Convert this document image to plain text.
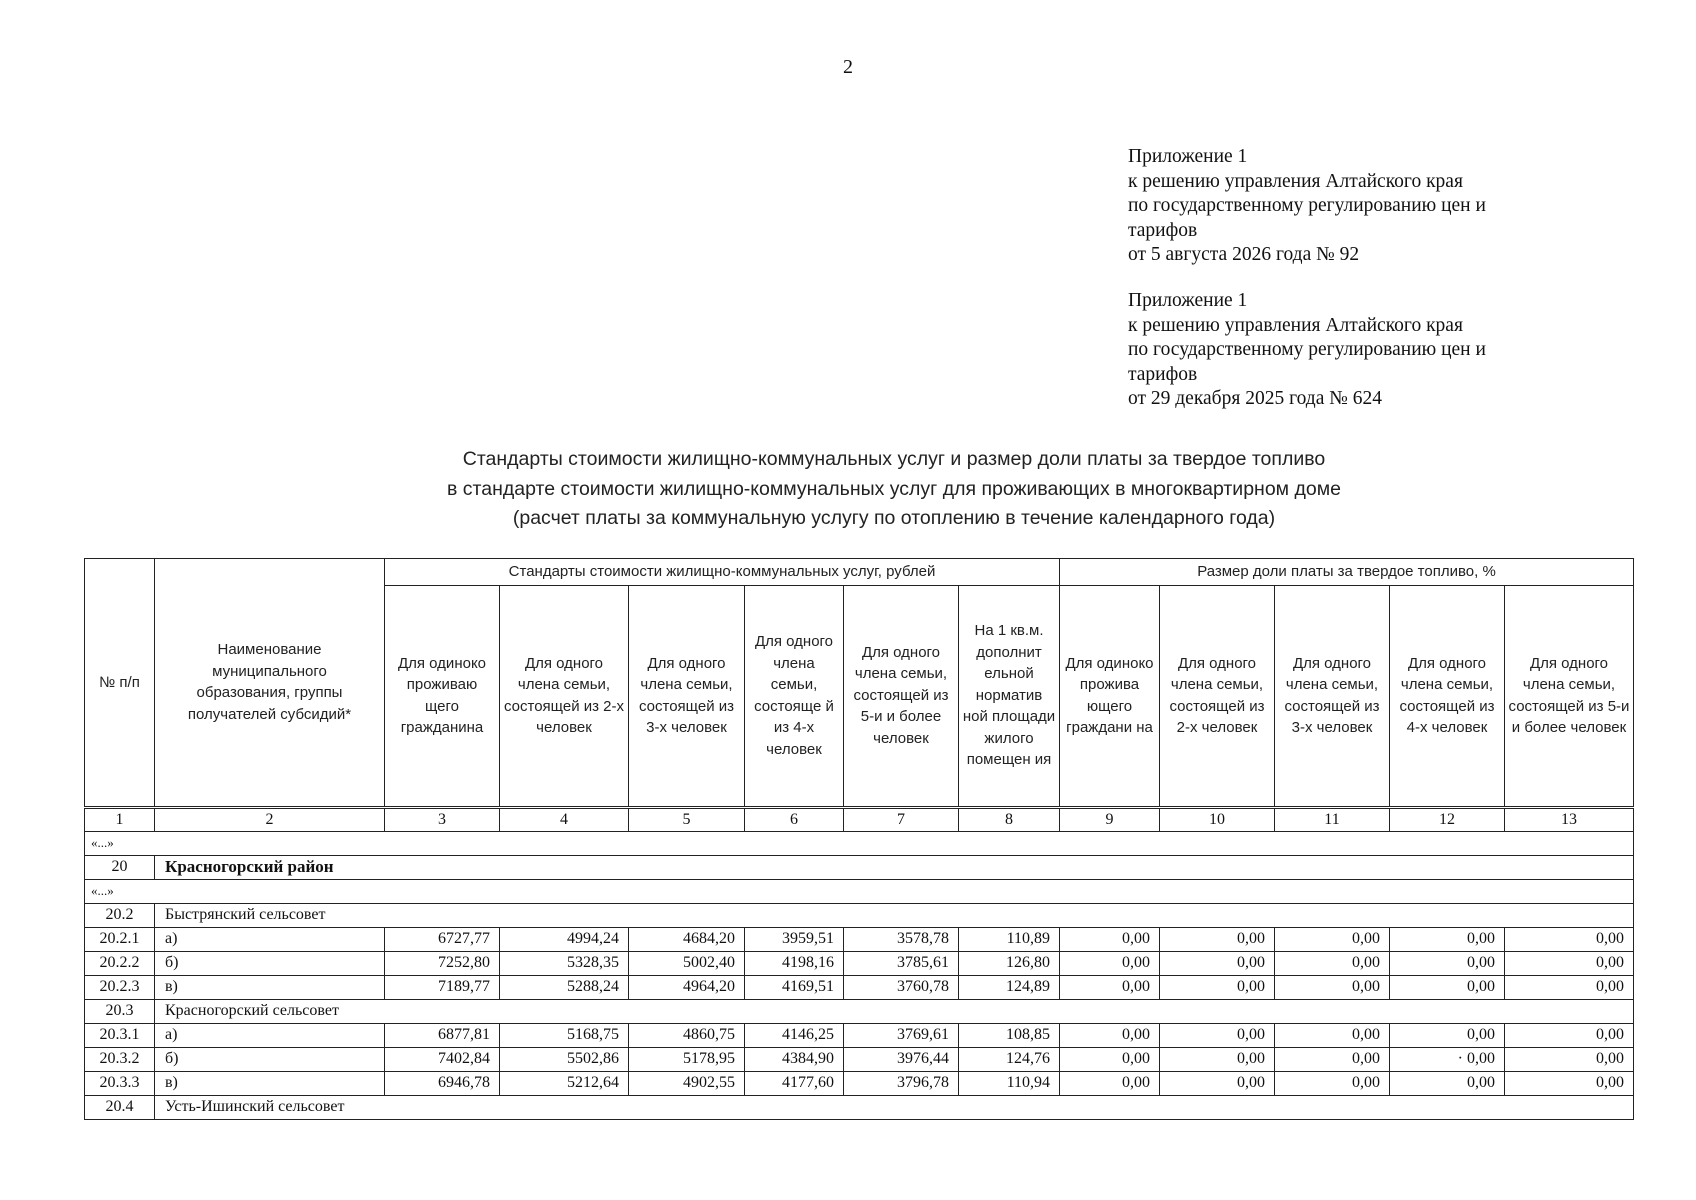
2
Приложение 1
к решению управления Алтайского края
по государственному регулированию цен и
тарифов
от 5 августа 2026 года № 92
Приложение 1
к решению управления Алтайского края
по государственному регулированию цен и
тарифов
от 29 декабря 2025 года № 624
Стандарты стоимости жилищно-коммунальных услуг и размер доли платы за твердое топливо
в стандарте стоимости жилищно-коммунальных услуг для проживающих в многоквартирном доме
(расчет платы за коммунальную услугу по отоплению в течение календарного года)
№ п/п	Наименование муниципального образования, группы получателей субсидий*	Стандарты стоимости жилищно-коммунальных услуг, рублей						Размер доли платы за твердое топливо, %				
		Для одиноко проживаю щего гражданина	Для одного члена семьи, состоящей из 2-х человек	Для одного члена семьи, состоящей из 3-х человек	Для одного члена семьи, состояще й из 4-х человек	Для одного члена семьи, состоящей из 5-и и более человек	На 1 кв.м. дополнит ельной норматив ной площади жилого помещен ия	Для одиноко прожива ющего граждани на	Для одного члена семьи, состоящей из 2-х человек	Для одного члена семьи, состоящей из 3-х человек	Для одного члена семьи, состоящей из 4-х человек	Для одного члена семьи, состоящей из 5-и и более человек
1	2	3	4	5	6	7	8	9	10	11	12	13
«...»												
20	Красногорский район											
«...»												
20.2	Быстрянский сельсовет											
20.2.1	а)	6727,77	4994,24	4684,20	3959,51	3578,78	110,89	0,00	0,00	0,00	0,00	0,00
20.2.2	б)	7252,80	5328,35	5002,40	4198,16	3785,61	126,80	0,00	0,00	0,00	0,00	0,00
20.2.3	в)	7189,77	5288,24	4964,20	4169,51	3760,78	124,89	0,00	0,00	0,00	0,00	0,00
20.3	Красногорский сельсовет											
20.3.1	а)	6877,81	5168,75	4860,75	4146,25	3769,61	108,85	0,00	0,00	0,00	0,00	0,00
20.3.2	б)	7402,84	5502,86	5178,95	4384,90	3976,44	124,76	0,00	0,00	0,00	· 0,00	0,00
20.3.3	в)	6946,78	5212,64	4902,55	4177,60	3796,78	110,94	0,00	0,00	0,00	0,00	0,00
20.4	Усть-Ишинский сельсовет											
